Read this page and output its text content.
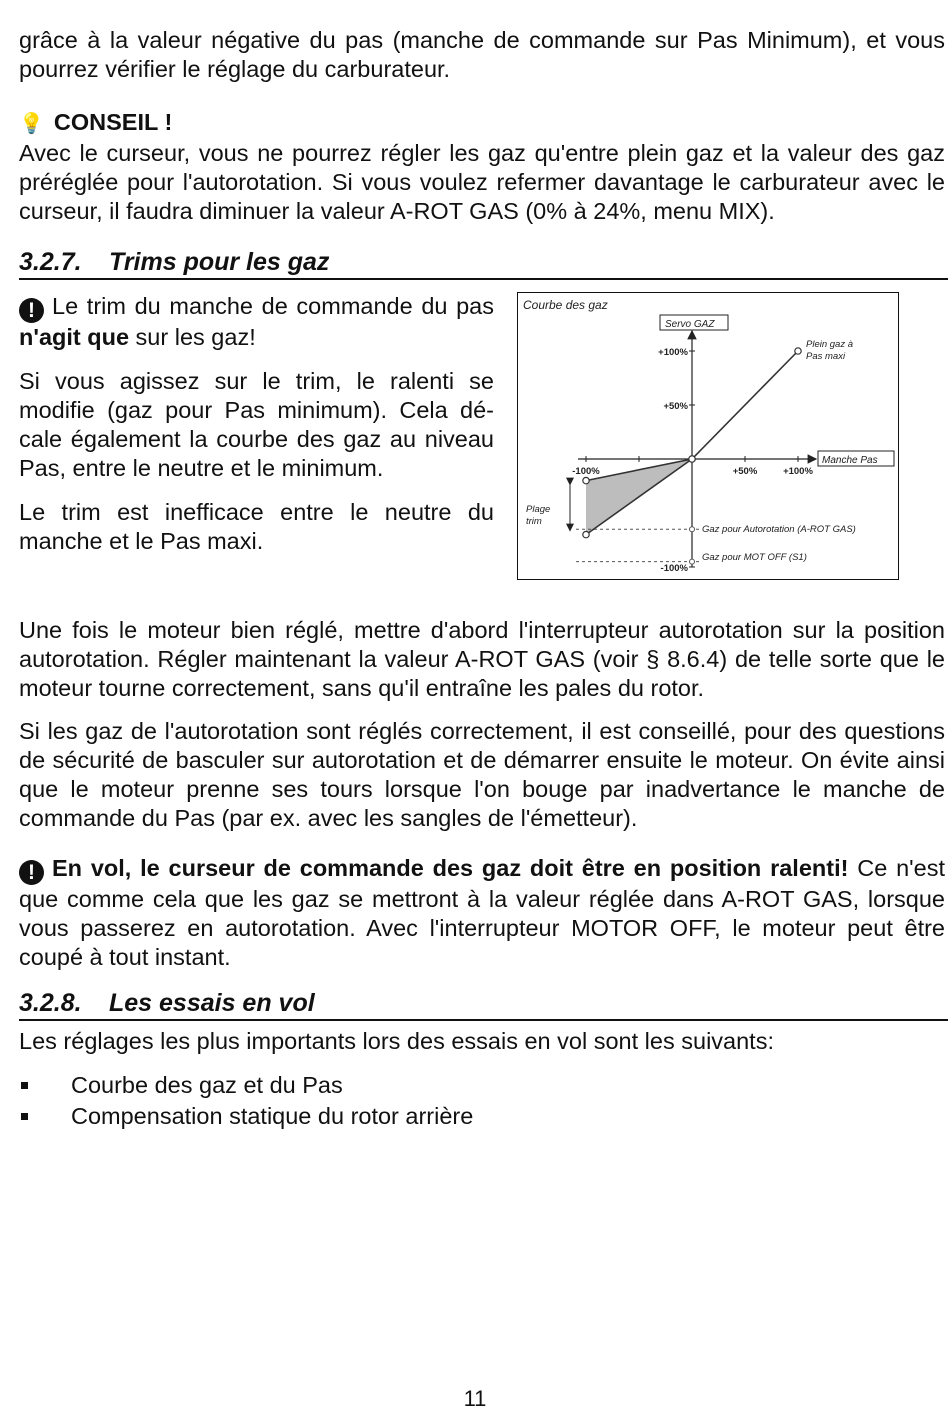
grâce à la valeur négative du pas (manche de commande sur Pas Minimum), et vous pourrez vérifier le réglage du carburateur.

💡 CONSEIL !
Avec le curseur, vous ne pourrez régler les gaz qu'entre plein gaz et la valeur des gaz préréglée pour l'autorotation. Si vous voulez refermer davantage le carburateur avec le curseur, il faudra diminuer la valeur A-ROT GAS (0% à 24%, menu MIX).

3.2.7. Trims pour les gaz

! Le trim du manche de commande du pas n'agit que sur les gaz!

Si vous agissez sur le trim, le ralenti se modifie (gaz pour Pas minimum). Cela décale également la courbe des gaz au niveau Pas, entre le neutre et le minimum.

Le trim est inefficace entre le neutre du manche et le Pas maxi.

Courbe des gaz
+100%
+50%
-100%
-100%	+50%	+100%
Servo GAZ
Manche Pas
Plein gaz à
Pas maxi
Plage
trim
Gaz pour Autorotation (A-ROT GAS)
Gaz pour MOT OFF (S1)

Une fois le moteur bien réglé, mettre d'abord l'interrupteur autorotation sur la position autorotation. Régler maintenant la valeur A-ROT GAS (voir § 8.6.4) de telle sorte que le moteur tourne correctement, sans qu'il entraîne les pales du rotor.

Si les gaz de l'autorotation sont réglés correctement, il est conseillé, pour des questions de sécurité de basculer sur autorotation et de démarrer ensuite le moteur. On évite ainsi que le moteur prenne ses tours lorsque l'on bouge par inadvertance le manche de commande du Pas (par ex. avec les sangles de l'émetteur).

! En vol, le curseur de commande des gaz doit être en position ralenti! Ce n'est que comme cela que les gaz se mettront à la valeur réglée dans A-ROT GAS, lorsque vous passerez en autorotation. Avec l'interrupteur MOTOR OFF, le moteur peut être coupé à tout instant.

3.2.8. Les essais en vol

Les réglages les plus importants lors des essais en vol sont les suivants:

Courbe des gaz et du Pas
Compensation statique du rotor arrière
11
